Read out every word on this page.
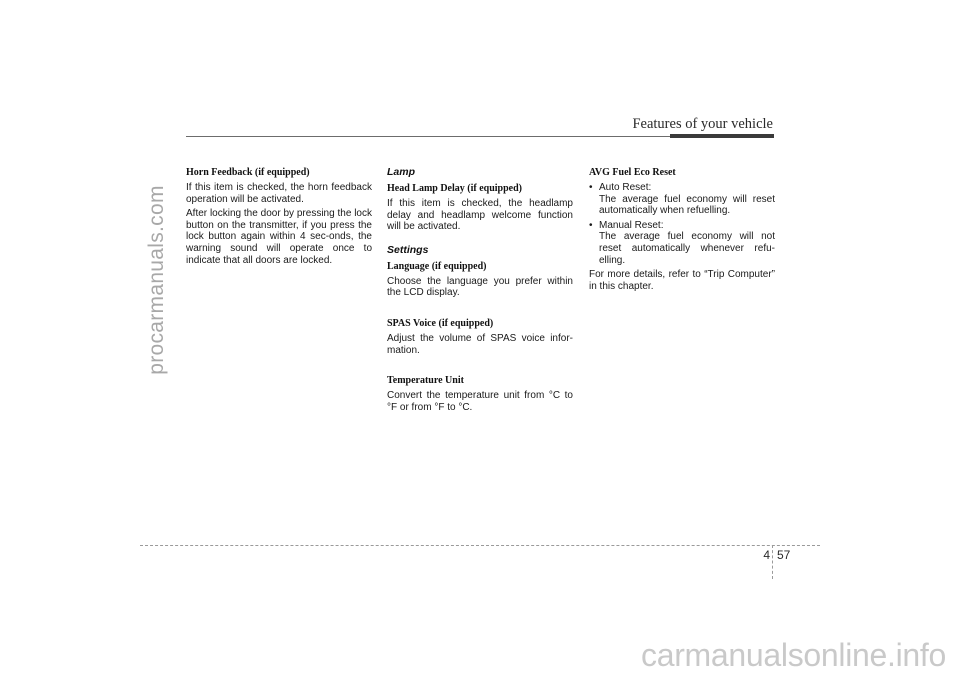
procarmanuals.com
Features of your vehicle
Horn Feedback (if equipped)

If this item is checked, the horn feedback operation will be activated.

After locking the door by pressing the lock button on the transmitter, if you press the lock button again within 4 sec-onds, the warning sound will operate once to indicate that all doors are locked.

Lamp
Head Lamp Delay (if equipped)

If this item is checked, the headlamp delay and headlamp welcome function will be activated.

Settings
Language (if equipped)

Choose the language you prefer within the LCD display.

SPAS Voice (if equipped)

Adjust the volume of SPAS voice infor-mation.

Temperature Unit

Convert the temperature unit from °C to °F or from °F to °C.

AVG Fuel Eco Reset
• Auto Reset:

The average fuel economy will reset automatically when refuelling.

• Manual Reset:

The average fuel economy will not reset automatically whenever refu-elling.

For more details, refer to “Trip Computer” in this chapter.

4 57
carmanualsonline.info
